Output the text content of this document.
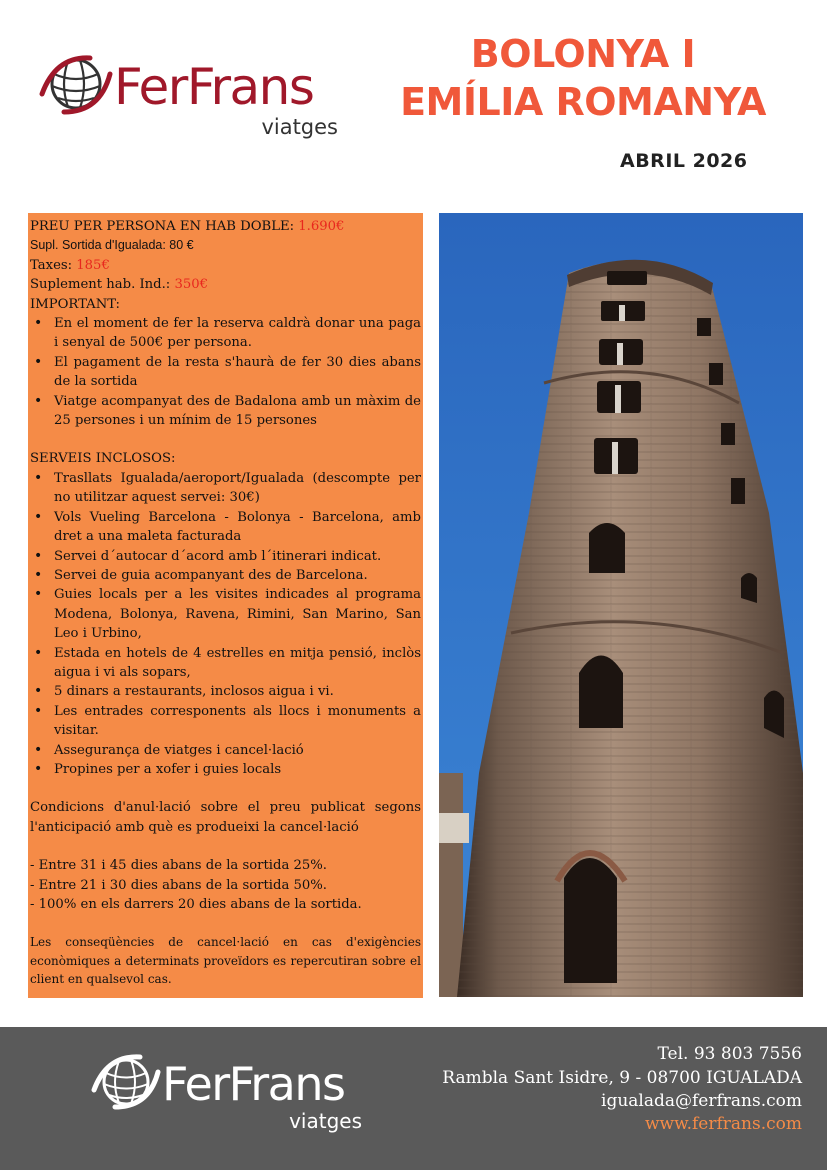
FerFrans
viatges
BOLONYA I
EMÍLIA ROMANYA
ABRIL 2026

PREU PER PERSONA EN HAB DOBLE: 1.690€

Supl. Sortida d'Igualada: 80 €

Taxes: 185€

Suplement hab. Ind.: 350€

IMPORTANT:

• En el moment de fer la reserva caldrà donar una paga i senyal de 500€ per persona.
• El pagament de la resta s'haurà de fer 30 dies abans de la sortida
• Viatge acompanyat des de Badalona amb un màxim de 25 persones i un mínim de 15 persones

SERVEIS INCLOSOS:

• Trasllats Igualada/aeroport/Igualada (descompte per no utilitzar aquest servei: 30€)
• Vols Vueling Barcelona - Bolonya - Barcelona, amb dret a una maleta facturada
• Servei d´autocar d´acord amb l´itinerari indicat.
• Servei de guia acompanyant des de Barcelona.
• Guies locals per a les visites indicades al programa Modena, Bolonya, Ravena, Rimini, San Marino, San Leo i Urbino,
• Estada en hotels de 4 estrelles en mitja pensió, inclòs aigua i vi als sopars,
• 5 dinars a restaurants, inclosos aigua i vi.
• Les entrades corresponents als llocs i monuments a visitar.
• Assegurança de viatges i cancel·lació
• Propines per a xofer i guies locals

Condicions d'anul·lació sobre el preu publicat segons l'anticipació amb què es produeixi la cancel·lació

- Entre 31 i 45 dies abans de la sortida 25%.

- Entre 21 i 30 dies abans de la sortida 50%.

- 100% en els darrers 20 dies abans de la sortida.

Les conseqüències de cancel·lació en cas d'exigències econòmiques a determinats proveïdors es repercutiran sobre el client en qualsevol cas.

FerFrans
viatges
Tel. 93 803 7556
Rambla Sant Isidre, 9 - 08700 IGUALADA
igualada@ferfrans.com
www.ferfrans.com
